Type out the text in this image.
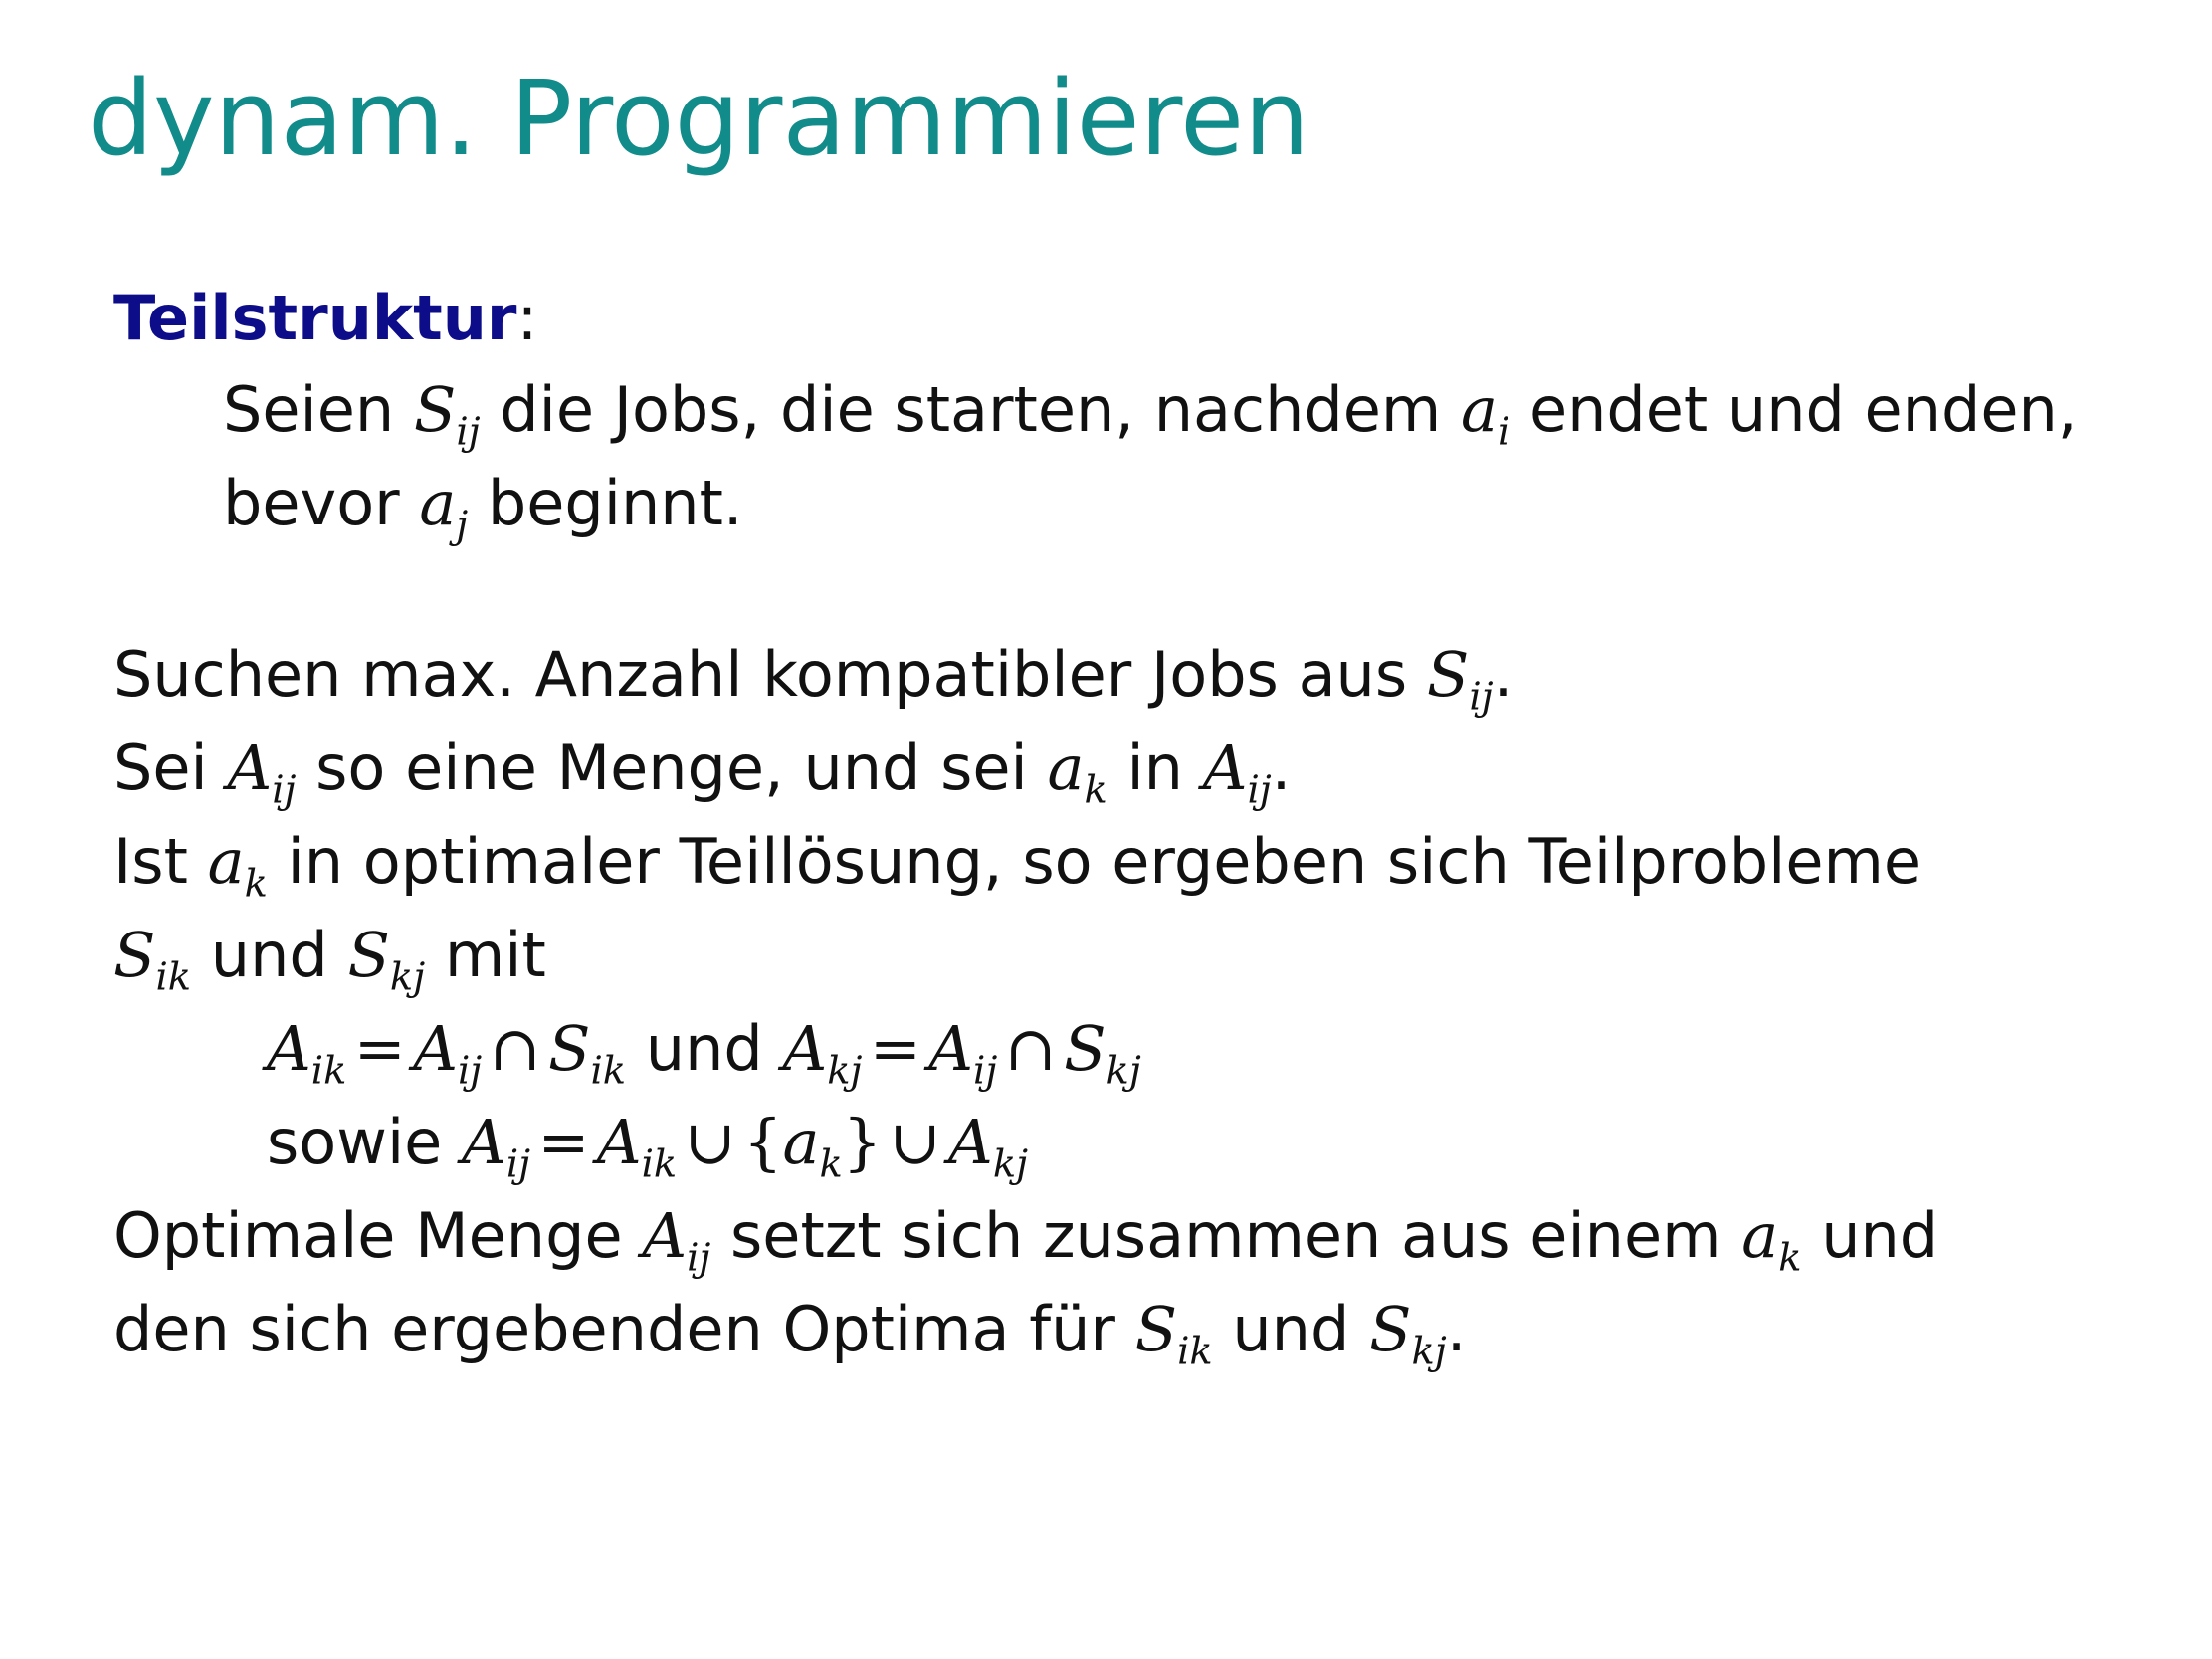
dynam. Programmieren
Teilstruktur:
Seien $S_{ij}$ die Jobs, die starten, nachdem $a_i$ endet und enden,
bevor $a_j$ beginnt.
Suchen max. Anzahl kompatibler Jobs aus $S_{ij}$.
Sei $A_{ij}$ so eine Menge, und sei $a_k$ in $A_{ij}$.
Ist $a_k$ in optimaler Teillösung, so ergeben sich Teilprobleme
$S_{ik}$ und $S_{kj}$ mit
$A_{ik} = A_{ij}$ ∩ $S_{ik}$ und $A_{kj} = A_{ij}$ ∩ $S_{kj}$
sowie $A_{ij} = A_{ik}$ ∪ $\{a_k\}$ ∪ $A_{kj}$
Optimale Menge $A_{ij}$ setzt sich zusammen aus einem $a_k$ und
den sich ergebenden Optima für $S_{ik}$ und $S_{kj}$.
